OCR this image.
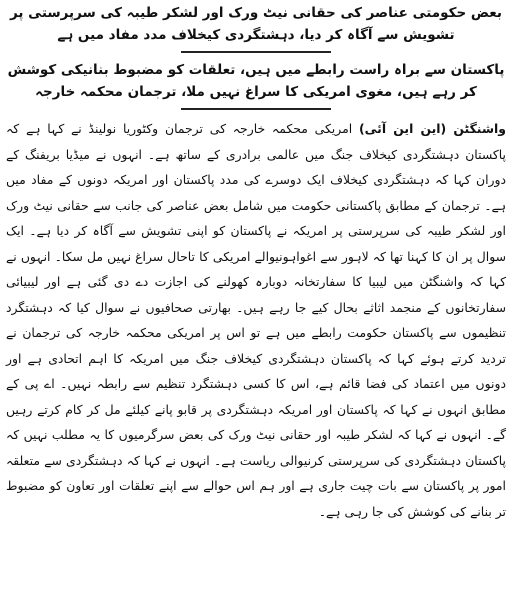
بعض حکومتی عناصر کی حقانی نیٹ ورک اور لشکر طیبہ کی سرپرستی پر تشویش سے آگاہ کر دیا، دہشتگردی کیخلاف مدد مفاد میں ہے
پاکستان سے براہ راست رابطے میں ہیں، تعلقات کو مضبوط بنانیکی کوشش کر رہے ہیں، مغوی امریکی کا سراغ نہیں ملا، ترجمان محکمہ خارجہ

واشنگٹن (این این آئی) امریکی محکمہ خارجہ کی ترجمان وکٹوریا نولینڈ نے کہا ہے کہ پاکستان دہشتگردی کیخلاف جنگ میں عالمی برادری کے ساتھ ہے۔ انہوں نے میڈیا بریفنگ کے دوران کہا کہ دہشتگردی کیخلاف ایک دوسرے کی مدد پاکستان اور امریکہ دونوں کے مفاد میں ہے۔ ترجمان کے مطابق پاکستانی حکومت میں شامل بعض عناصر کی جانب سے حقانی نیٹ ورک اور لشکر طیبہ کی سرپرستی پر امریکہ نے پاکستان کو اپنی تشویش سے آگاہ کر دیا ہے۔ ایک سوال پر ان کا کہنا تھا کہ لاہور سے اغواہونیوالے امریکی کا تاحال سراغ نہیں مل سکا۔ انہوں نے کہا کہ واشنگٹن میں لیبیا کا سفارتخانہ دوبارہ کھولنے کی اجازت دے دی گئی ہے اور لیبیائی سفارتخانوں کے منجمد اثاثے بحال کیے جا رہے ہیں۔ بھارتی صحافیوں نے سوال کیا کہ دہشتگرد تنظیموں سے پاکستان حکومت رابطے میں ہے تو اس پر امریکی محکمہ خارجہ کی ترجمان نے تردید کرتے ہوئے کہا کہ پاکستان دہشتگردی کیخلاف جنگ میں امریکہ کا اہم اتحادی ہے اور دونوں میں اعتماد کی فضا قائم ہے، اس کا کسی دہشتگرد تنظیم سے رابطہ نہیں۔ اے پی کے مطابق انہوں نے کہا کہ پاکستان اور امریکہ دہشتگردی پر قابو پانے کیلئے مل کر کام کرتے رہیں گے۔ انہوں نے کہا کہ لشکر طیبہ اور حقانی نیٹ ورک کی بعض سرگرمیوں کا یہ مطلب نہیں کہ پاکستان دہشتگردی کی سرپرستی کرنیوالی ریاست ہے۔ انہوں نے کہا کہ دہشتگردی سے متعلقہ امور پر پاکستان سے بات چیت جاری ہے اور ہم اس حوالے سے اپنے تعلقات اور تعاون کو مضبوط تر بنانے کی کوشش کی جا رہی ہے۔
